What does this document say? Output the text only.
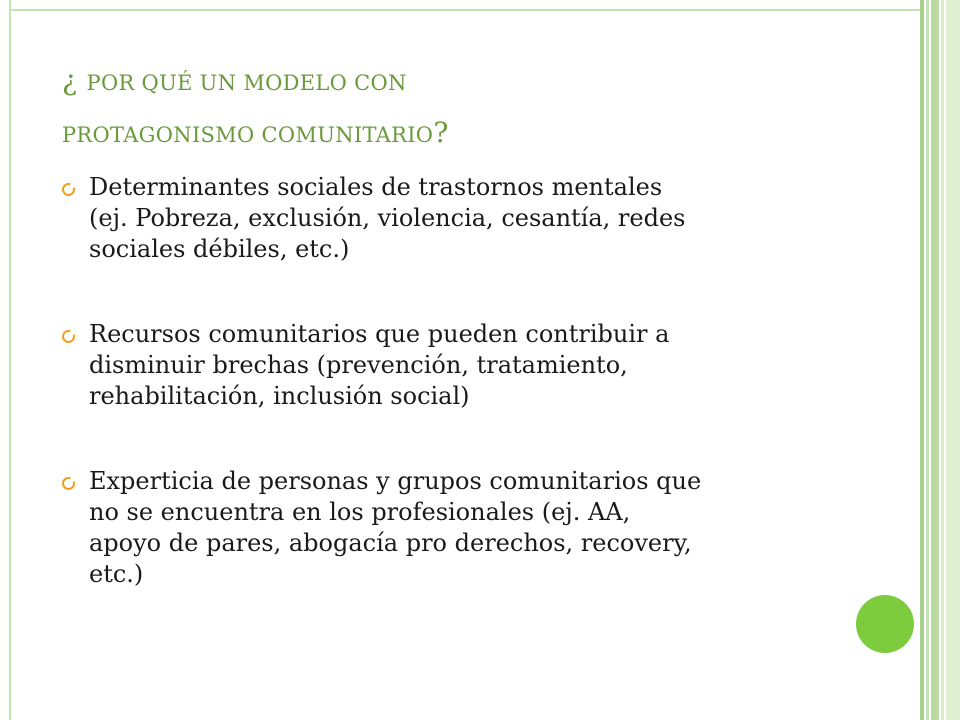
¿ POR QUÉ UN MODELO CON
PROTAGONISMO COMUNITARIO?
Determinantes sociales de trastornos mentales
(ej. Pobreza, exclusión, violencia, cesantía, redes
sociales débiles, etc.)
Recursos comunitarios que pueden contribuir a
disminuir brechas (prevención, tratamiento,
rehabilitación, inclusión social)
Experticia de personas y grupos comunitarios que
no se encuentra en los profesionales (ej. AA,
apoyo de pares, abogacía pro derechos, recovery,
etc.)
